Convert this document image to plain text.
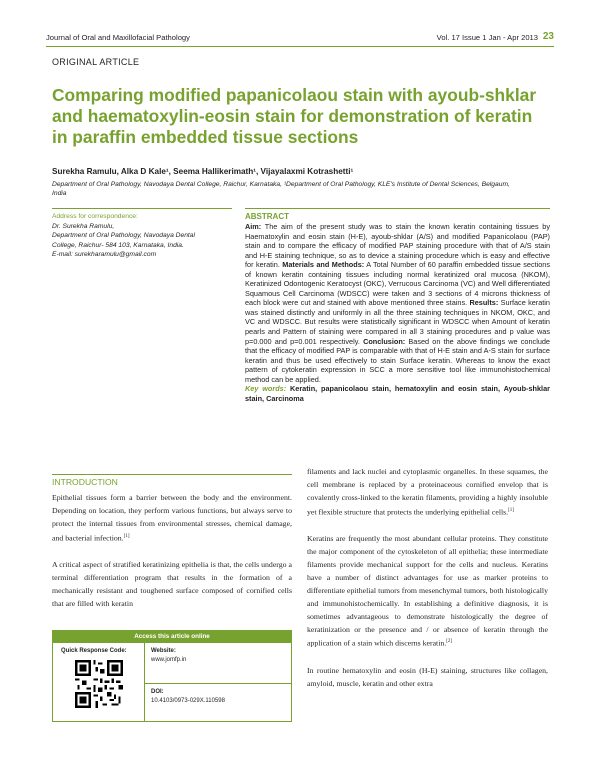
Journal of Oral and Maxillofacial Pathology	Vol. 17 Issue 1 Jan - Apr 2013 23
ORIGINAL ARTICLE
Comparing modified papanicolaou stain with ayoub-shklar and haematoxylin-eosin stain for demonstration of keratin in paraffin embedded tissue sections
Surekha Ramulu, Alka D Kale¹, Seema Hallikerimath¹, Vijayalaxmi Kotrashetti¹
Department of Oral Pathology, Navodaya Dental College, Raichur, Karnataka, ¹Department of Oral Pathology, KLE's Institute of Dental Sciences, Belgaum, India
Address for correspondence:
Dr. Surekha Ramulu,
Department of Oral Pathology, Navodaya Dental
College, Raichur- 584 103, Karnataka, India.
E-mail: surekharamulu@gmail.com
ABSTRACT
Aim: The aim of the present study was to stain the known keratin containing tissues by Haematoxylin and eosin stain (H-E), ayoub-shklar (A/S) and modified Papanicolaou (PAP) stain and to compare the efficacy of modified PAP staining procedure with that of A/S stain and H-E staining technique, so as to device a staining procedure which is easy and effective for keratin. Materials and Methods: A Total Number of 60 paraffin embedded tissue sections of known keratin containing tissues including normal keratinized oral mucosa (NKOM), Keratinized Odontogenic Keratocyst (OKC), Verrucous Carcinoma (VC) and Well differentiated Squamous Cell Carcinoma (WDSCC) were taken and 3 sections of 4 microns thickness of each block were cut and stained with above mentioned three stains. Results: Surface keratin was stained distinctly and uniformly in all the three staining techniques in NKOM, OKC, and VC and WDSCC. But results were statistically significant in WDSCC when Amount of keratin pearls and Pattern of staining were compared in all 3 staining procedures and p value was p=0.000 and p=0.001 respectively. Conclusion: Based on the above findings we conclude that the efficacy of modified PAP is comparable with that of H-E stain and A-S stain for surface keratin and thus be used effectively to stain Surface keratin. Whereas to know the exact pattern of cytokeratin expression in SCC a more sensitive tool like immunohistochemical method can be applied.
Key words: Keratin, papanicolaou stain, hematoxylin and eosin stain, Ayoub-shklar stain, Carcinoma
INTRODUCTION

Epithelial tissues form a barrier between the body and the environment. Depending on location, they perform various functions, but always serve to protect the internal tissues from environmental stresses, chemical damage, and bacterial infection.[1]

A critical aspect of stratified keratinizing epithelia is that, the cells undergo a terminal differentiation program that results in the formation of a mechanically resistant and toughened surface composed of cornified cells that are filled with keratin

filaments and lack nuclei and cytoplasmic organelles. In these squames, the cell membrane is replaced by a proteinaceous cornified envelop that is covalently cross-linked to the keratin filaments, providing a highly insoluble yet flexible structure that protects the underlying epithelial cells.[1]

Keratins are frequently the most abundant cellular proteins. They constitute the major component of the cytoskeleton of all epithelia; these intermediate filaments provide mechanical support for the cells and nucleus. Keratins have a number of distinct advantages for use as marker proteins to differentiate epithelial tumors from mesenchymal tumors, both histologically and immunohistochemically. In establishing a definitive diagnosis, it is sometimes advantageous to demonstrate histologically the degree of keratinization or the presence and / or absence of keratin through the application of a stain which discerns keratin.[2]

In routine hematoxylin and eosin (H-E) staining, structures like collagen, amyloid, muscle, keratin and other extra

Access this article online
Quick Response Code:	Website:
www.jomfp.in
DOI:
10.4103/0973-029X.110598
